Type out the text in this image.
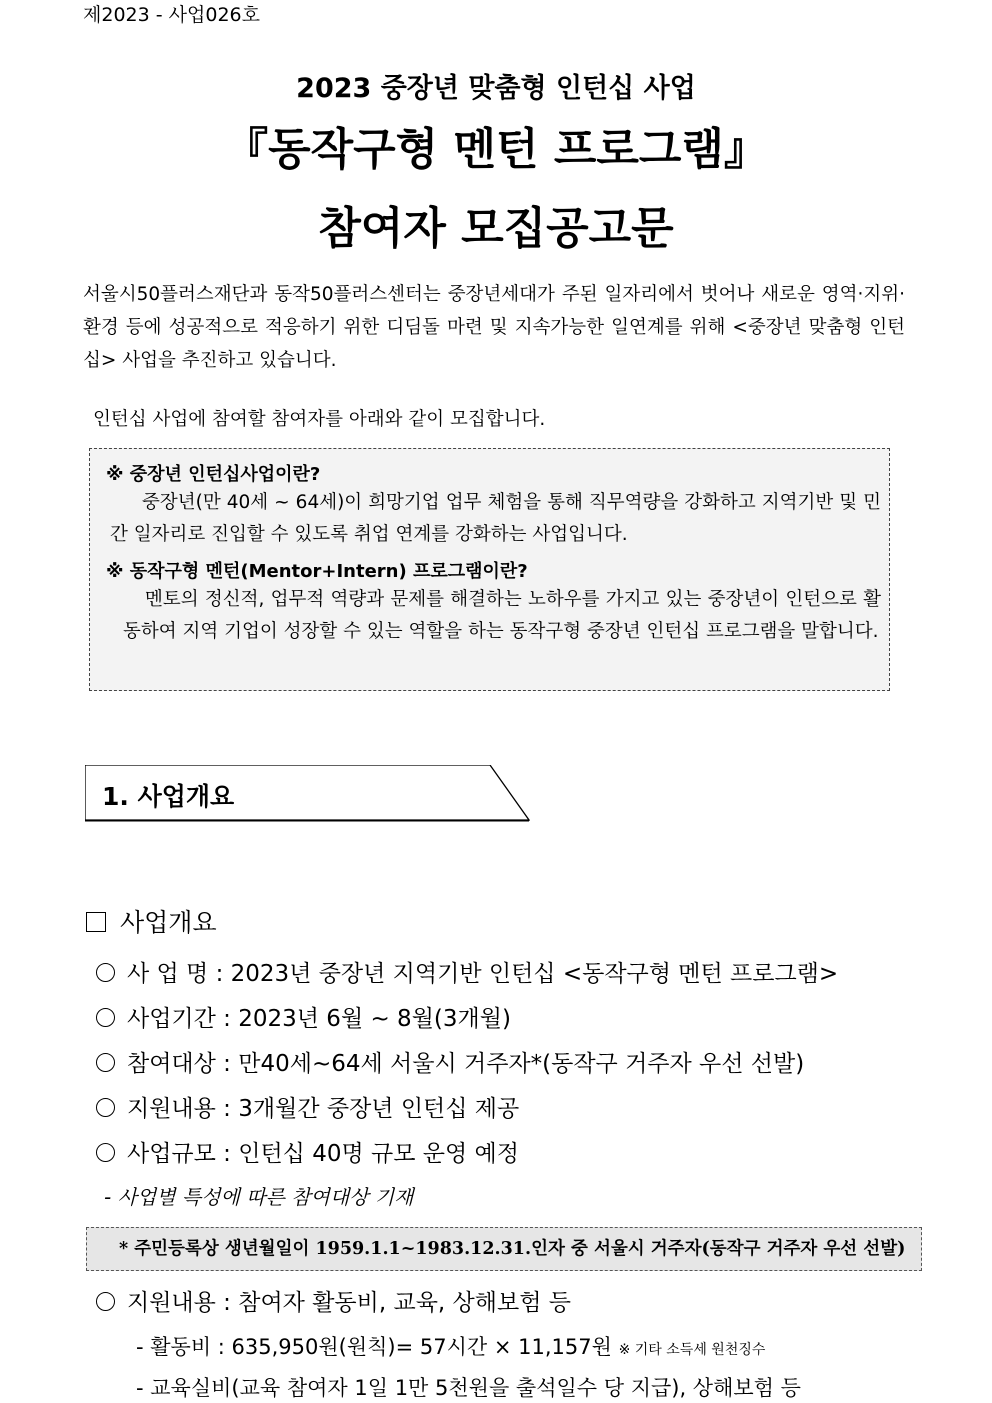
제2023 - 사업026호
2023 중장년 맞춤형 인턴십 사업
『동작구형 멘턴 프로그램』
참여자 모집공고문
서울시50플러스재단과 동작50플러스센터는 중장년세대가 주된 일자리에서 벗어나 새로운 영역·지위·환경 등에 성공적으로 적응하기 위한 디딤돌 마련 및 지속가능한 일연계를 위해 <중장년 맞춤형 인턴십> 사업을 추진하고 있습니다.
인턴십 사업에 참여할 참여자를 아래와 같이 모집합니다.
※ 중장년 인턴십사업이란?
중장년(만 40세 ~ 64세)이 희망기업 업무 체험을 통해 직무역량을 강화하고 지역기반 및 민간 일자리로 진입할 수 있도록 취업 연계를 강화하는 사업입니다.
※ 동작구형 멘턴(Mentor+Intern) 프로그램이란?
멘토의 정신적, 업무적 역량과 문제를 해결하는 노하우를 가지고 있는 중장년이 인턴으로 활동하여 지역 기업이 성장할 수 있는 역할을 하는 동작구형 중장년 인턴십 프로그램을 말합니다.
1. 사업개요
사업개요
사 업 명 : 2023년 중장년 지역기반 인턴십 <동작구형 멘턴 프로그램>
사업기간 : 2023년 6월 ~ 8월(3개월)
참여대상 : 만40세~64세 서울시 거주자*(동작구 거주자 우선 선발)
지원내용 : 3개월간 중장년 인턴십 제공
사업규모 : 인턴십 40명 규모 운영 예정
- 사업별 특성에 따른 참여대상 기재
* 주민등록상 생년월일이 1959.1.1~1983.12.31.인자 중 서울시 거주자(동작구 거주자 우선 선발)
지원내용 : 참여자 활동비, 교육, 상해보험 등
- 활동비 : 635,950원(원칙)= 57시간 × 11,157원 ※ 기타 소득세 원천징수
- 교육실비(교육 참여자 1일 1만 5천원을 출석일수 당 지급), 상해보험 등
